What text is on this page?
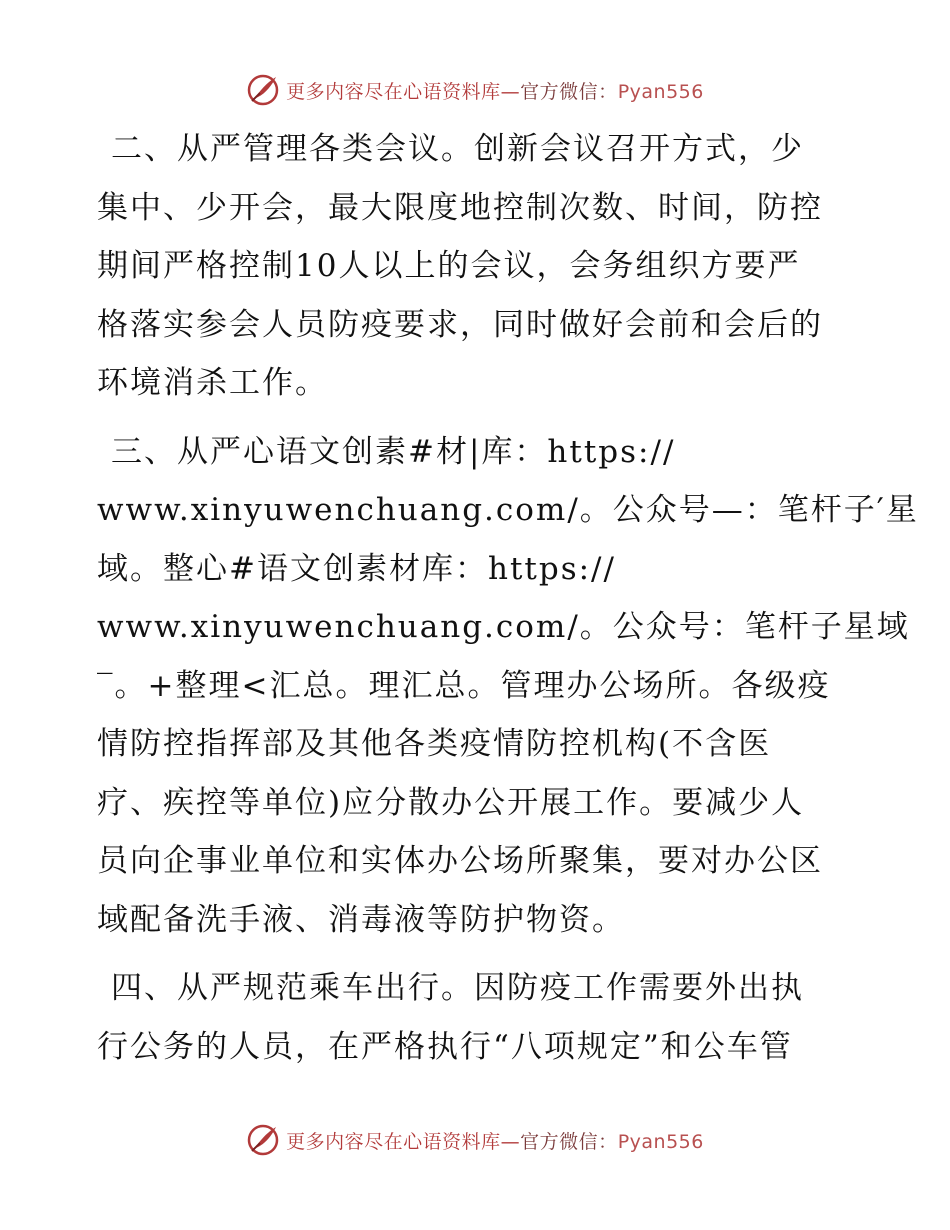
更多内容尽在心语资料库—官方微信：Pyan556
二、从严管理各类会议。创新会议召开方式，少
集中、少开会，最大限度地控制次数、时间，防控
期间严格控制10人以上的会议，会务组织方要严
格落实参会人员防疫要求，同时做好会前和会后的
环境消杀工作。
三、从严心语文创素#材|库：https://
www.xinyuwenchuang.com/。公众号—：笔杆子′星
域。整心#语文创素材库：https://
www.xinyuwenchuang.com/。公众号：笔杆子星域
‾。+整理<汇总。理汇总。管理办公场所。各级疫
情防控指挥部及其他各类疫情防控机构(不含医
疗、疾控等单位)应分散办公开展工作。要减少人
员向企事业单位和实体办公场所聚集，要对办公区
域配备洗手液、消毒液等防护物资。
四、从严规范乘车出行。因防疫工作需要外出执
行公务的人员，在严格执行“八项规定”和公车管
更多内容尽在心语资料库—官方微信：Pyan556
